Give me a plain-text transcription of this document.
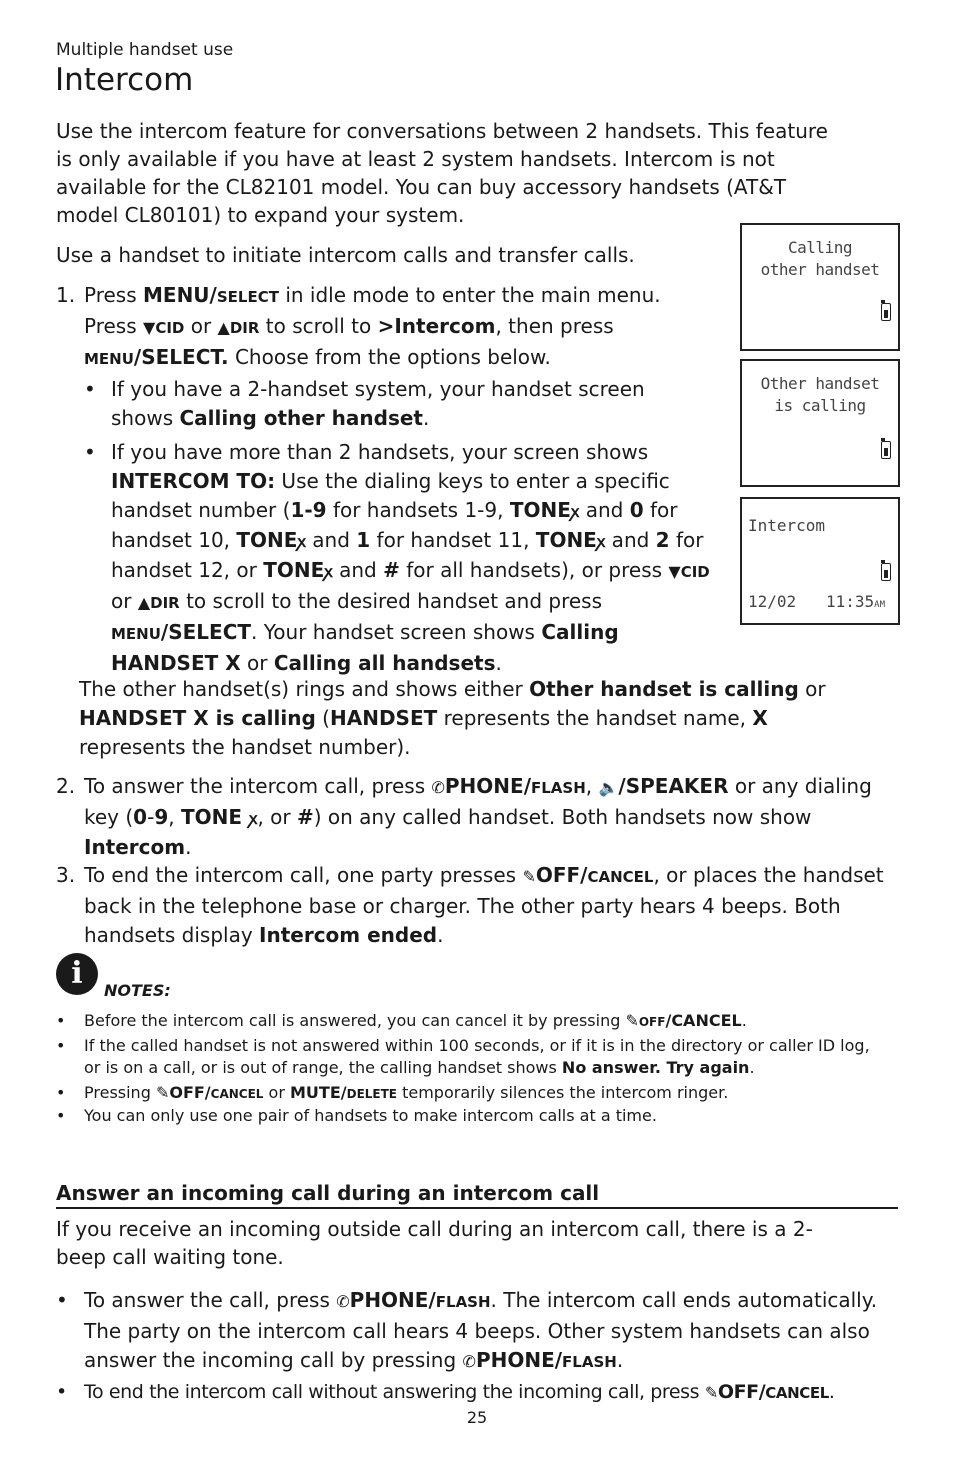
Multiple handset use
Intercom

Use the intercom feature for conversations between 2 handsets. This feature is only available if you have at least 2 system handsets. Intercom is not available for the CL82101 model. You can buy accessory handsets (AT&T model CL80101) to expand your system.

Use a handset to initiate intercom calls and transfer calls.

1. Press MENU/SELECT in idle mode to enter the main menu. Press ▼CID or ▲DIR to scroll to >Intercom, then press MENU/SELECT. Choose from the options below.
• If you have a 2-handset system, your handset screen shows Calling other handset.
• If you have more than 2 handsets, your screen shows INTERCOM TO: Use the dialing keys to enter a specific handset number (1-9 for handsets 1-9, TONEꭗ and 0 for handset 10, TONEꭗ and 1 for handset 11, TONEꭗ and 2 for handset 12, or TONEꭗ and # for all handsets), or press ▼CID or ▲DIR to scroll to the desired handset and press MENU/SELECT. Your handset screen shows Calling HANDSET X or Calling all handsets.

The other handset(s) rings and shows either Other handset is calling or HANDSET X is calling (HANDSET represents the handset name, X represents the handset number).

2. To answer the intercom call, press ✆PHONE/FLASH, 🔈/SPEAKER or any dialing key (0-9, TONE ꭗ, or #) on any called handset. Both handsets now show Intercom.
3. To end the intercom call, one party presses ✎OFF/CANCEL, or places the handset back in the telephone base or charger. The other party hears 4 beeps. Both handsets display Intercom ended.
Calling
other handset
Other handset
is calling
Intercom
12/02 11:35AM
i	NOTES:
• Before the intercom call is answered, you can cancel it by pressing ✎OFF/CANCEL.
• If the called handset is not answered within 100 seconds, or if it is in the directory or caller ID log, or is on a call, or is out of range, the calling handset shows No answer. Try again.
• Pressing ✎OFF/CANCEL or MUTE/DELETE temporarily silences the intercom ringer.
• You can only use one pair of handsets to make intercom calls at a time.
Answer an incoming call during an intercom call

If you receive an incoming outside call during an intercom call, there is a 2-beep call waiting tone.

• To answer the call, press ✆PHONE/FLASH. The intercom call ends automatically. The party on the intercom call hears 4 beeps. Other system handsets can also answer the incoming call by pressing ✆PHONE/FLASH.
• To end the intercom call without answering the incoming call, press ✎OFF/CANCEL.
25
